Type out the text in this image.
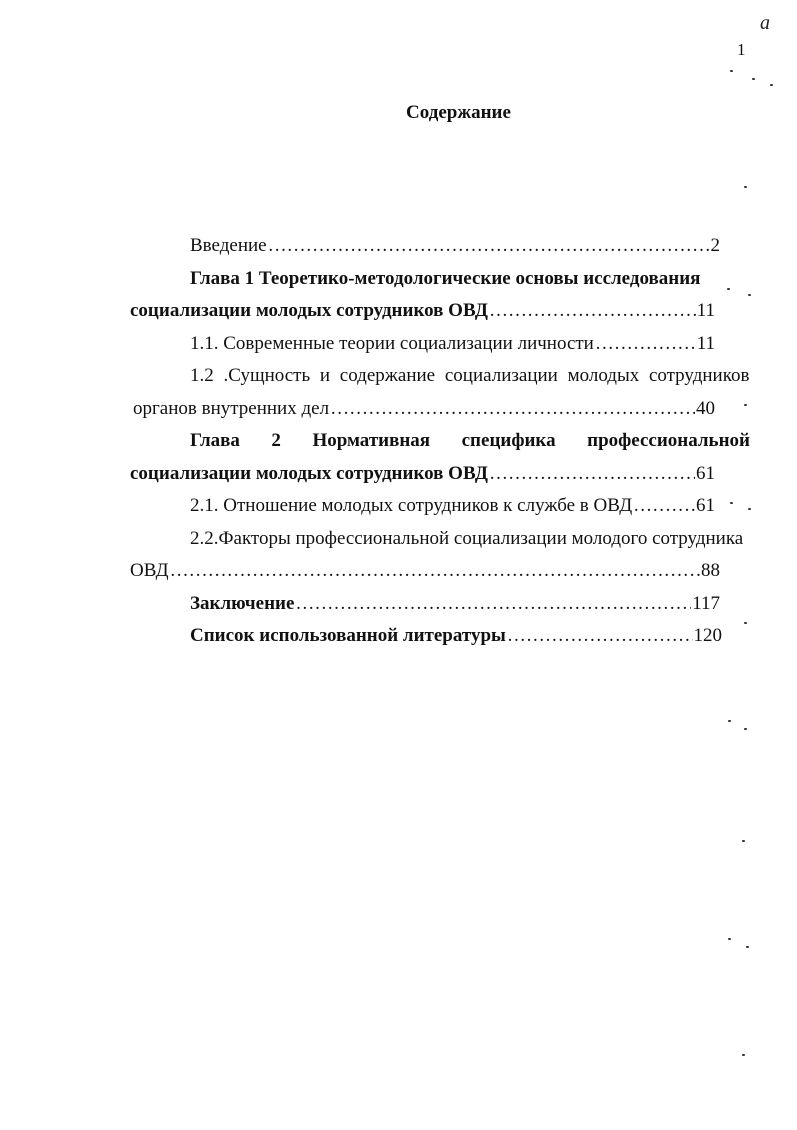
a
1
Содержание
Введение ……………………………………………………………………………………………………………………………………	2
Глава 1 Теоретико-методологические основы исследования
социализации молодых сотрудников ОВД ……………………………………………………………………………………………………………………………………	11
1.1. Современные теории социализации личности ……………………………………………………………………………………………………………………………………	11
1.2 .Сущность и содержание социализации молодых сотрудников
органов внутренних дел ……………………………………………………………………………………………………………………………………	40
Глава 2 Нормативная специфика профессиональной
социализации молодых сотрудников ОВД ……………………………………………………………………………………………………………………………………	61
2.1. Отношение молодых сотрудников к службе в ОВД ……………………………………………………………………………………………………………………………………	61
2.2.Факторы профессиональной социализации молодого сотрудника
ОВД ……………………………………………………………………………………………………………………………………	88
Заключение ……………………………………………………………………………………………………………………………………	117
Список использованной литературы ……………………………………………………………………………………………………………………………………	120
